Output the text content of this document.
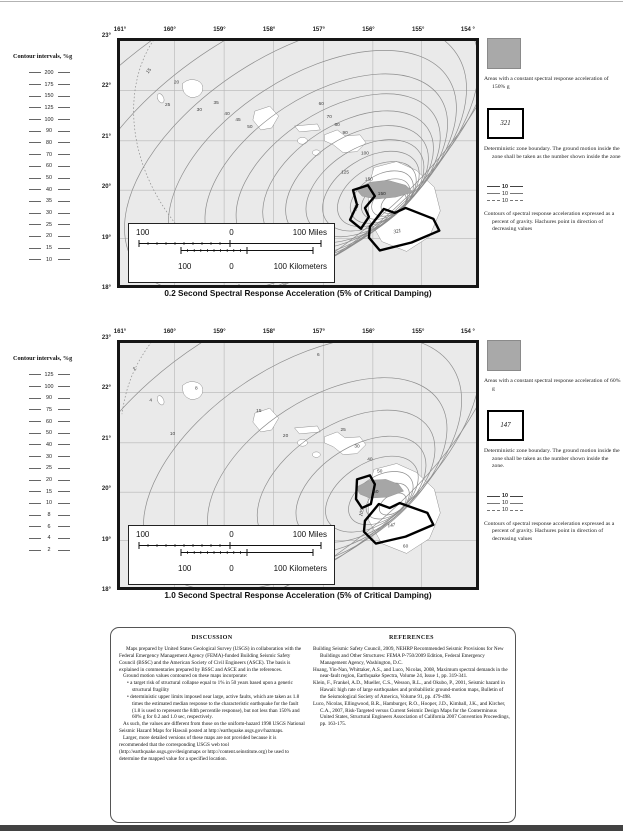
Contour intervals, %g
200
175
150
125
100
90
80
70
60
50
40
35
30
25
20
15
10
161°	160°	159°	158°	157°	156°	155°	154 °
23°
22°
21°
20°
19°
18°
15
20
25
30
35
40
45
50
60
70
80
90
100
125
150
150
321
321
100	0	100 Miles
100	0	100 Kilometers
0.2 Second Spectral Response Acceleration (5% of Critical Damping)
Areas with a constant spectral response acceleration of 150% g
321
Deterministic zone boundary. The ground motion inside the zone shall be taken as the number shown inside the zone
10
10
10
Contours of spectral response acceleration expressed as a percent of gravity. Hachures point in direction of decreasing values
Contour intervals, %g
125
100
90
75
60
50
40
30
25
20
15
10
8
6
4
2
161°	160°	159°	158°	157°	156°	155°	154 °
23°
22°
21°
20°
19°
18°
2
4
6
8
10
15
20
25
30
40
50
60
60
105
147
100	0	100 Miles
100	0	100 Kilometers
1.0 Second Spectral Response Acceleration (5% of Critical Damping)
Areas with a constant spectral response acceleration of 60% g
147
Deterministic zone boundary. The ground motion inside the zone shall be taken as the number shown inside the zone.
10
10
10
Contours of spectral response acceleration expressed as a percent of gravity. Hachures point in direction of decreasing values
DISCUSSION

Maps prepared by United States Geological Survey (USGS) in collaboration with the Federal Emergency Management Agency (FEMA)-funded Building Seismic Safety Council (BSSC) and the American Society of Civil Engineers (ASCE). The basis is explained in commentaries prepared by BSSC and ASCE and in the references.

Ground motion values contoured on these maps incorporate:

• a target risk of structural collapse equal to 1% in 50 years based upon a generic structural fragility

• deterministic upper limits imposed near large, active faults, which are taken as 1.8 times the estimated median response to the characteristic earthquake for the fault (1.8 is used to represent the 84th percentile response), but not less than 150% and 60% g for 0.2 and 1.0 sec, respectively.

As such, the values are different from those on the uniform-hazard 1998 USGS National Seismic Hazard Maps for Hawaii posted at http://earthquake.usgs.gov/hazmaps.

Larger, more detailed versions of these maps are not provided because it is recommended that the corresponding USGS web tool (http://earthquake.usgs.gov/designmaps or http://content.seinstitute.org) be used to determine the mapped value for a specified location.

REFERENCES

Building Seismic Safety Council, 2009, NEHRP Recommended Seismic Provisions for New Buildings and Other Structures: FEMA P-750/2009 Edition, Federal Emergency Management Agency, Washington, D.C.

Huang, Yin-Nan, Whittaker, A.S., and Luco, Nicolas, 2008, Maximum spectral demands in the near-fault region, Earthquake Spectra, Volume 24, Issue 1, pp. 319-341.

Klein, F., Frankel, A.D., Mueller, C.S., Wesson, R.L., and Okubo, P., 2001, Seismic hazard in Hawaii: high rate of large earthquakes and probabilistic ground-motion maps, Bulletin of the Seismological Society of America, Volume 91, pp. 479-498.

Luco, Nicolas, Ellingwood, B.R., Hamburger, R.O., Hooper, J.D., Kimball, J.K., and Kircher, C.A., 2007, Risk-Targeted versus Current Seismic Design Maps for the Conterminous United States, Structural Engineers Association of California 2007 Convention Proceedings, pp. 163-175.
